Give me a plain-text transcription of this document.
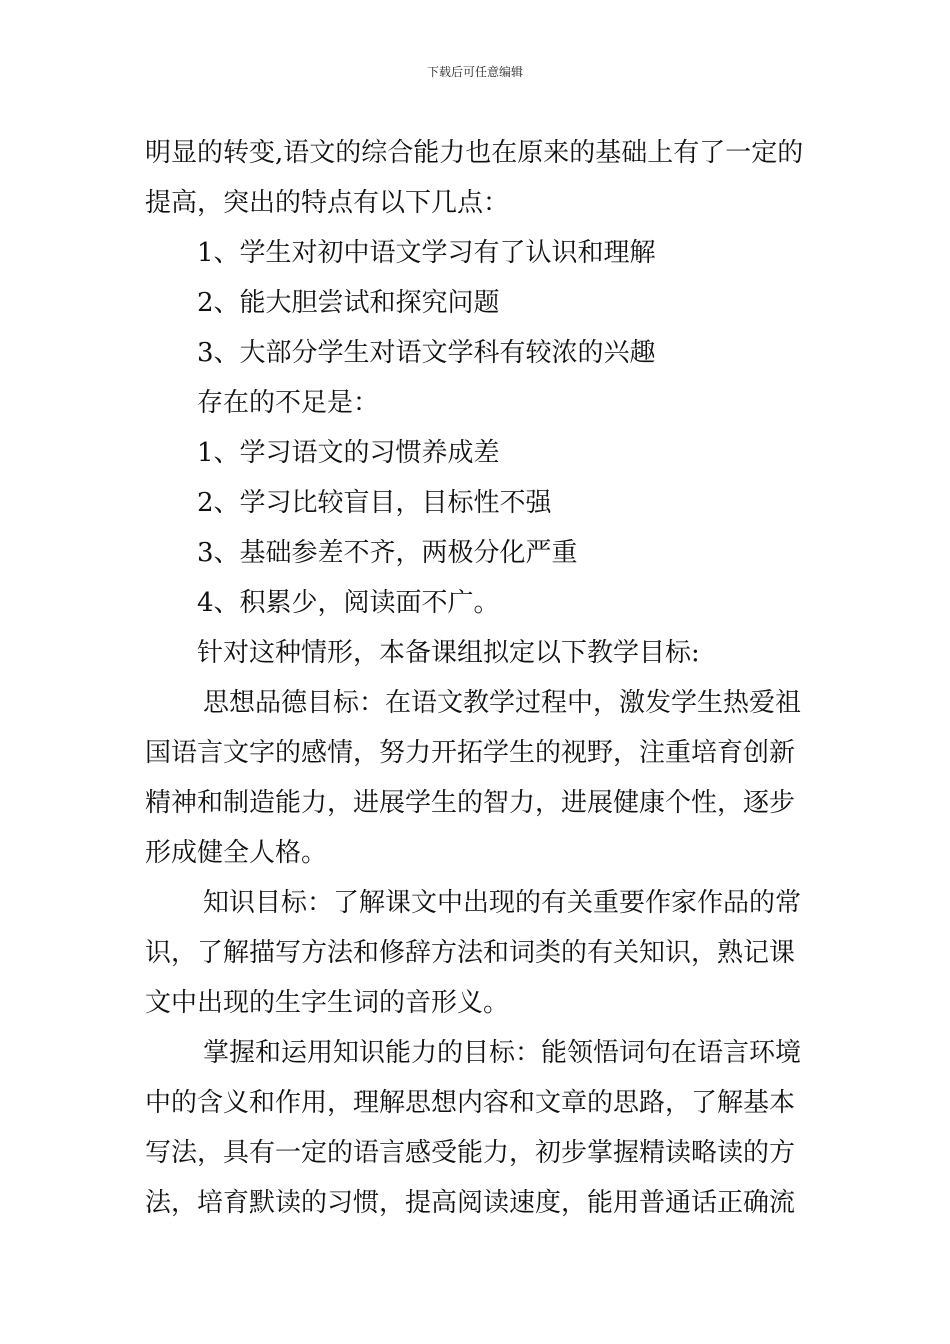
下载后可任意编辑
明显的转变,语文的综合能力也在原来的基础上有了一定的
提高，突出的特点有以下几点：
1、学生对初中语文学习有了认识和理解
2、能大胆尝试和探究问题
3、大部分学生对语文学科有较浓的兴趣
存在的不足是：
1、学习语文的习惯养成差
2、学习比较盲目，目标性不强
3、基础参差不齐，两极分化严重
4、积累少，阅读面不广。
针对这种情形，本备课组拟定以下教学目标:
思想品德目标：在语文教学过程中，激发学生热爱祖
国语言文字的感情，努力开拓学生的视野，注重培育创新
精神和制造能力，进展学生的智力，进展健康个性，逐步
形成健全人格。
知识目标：了解课文中出现的有关重要作家作品的常
识，了解描写方法和修辞方法和词类的有关知识，熟记课
文中出现的生字生词的音形义。
掌握和运用知识能力的目标：能领悟词句在语言环境
中的含义和作用，理解思想内容和文章的思路，了解基本
写法，具有一定的语言感受能力，初步掌握精读略读的方
法，培育默读的习惯，提高阅读速度，能用普通话正确流
